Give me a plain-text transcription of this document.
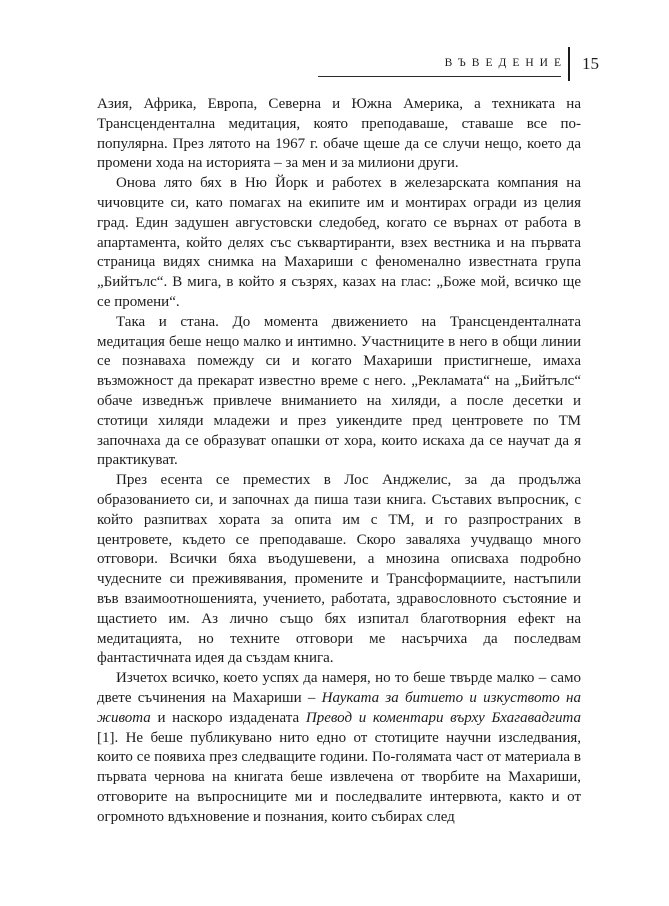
ВЪВЕДЕНИЕ 15

Азия, Африка, Европа, Северна и Южна Америка, а техниката на Трансцендентална медитация, която преподаваше, ставаше все по-популярна. През лятото на 1967 г. обаче щеше да се случи нещо, което да промени хода на историята – за мен и за милиони други.

Онова лято бях в Ню Йорк и работех в железарската компания на чичовците си, като помагах на екипите им и монтирах огради из целия град. Един задушен августовски следобед, когато се върнах от работа в апартамента, който делях със съквартиранти, взех вестника и на първата страница видях снимка на Махариши с феноменално известната група „Бийтълс“. В мига, в който я съзрях, казах на глас: „Боже мой, всичко ще се промени“.

Така и стана. До момента движението на Трансценденталната медитация беше нещо малко и интимно. Участниците в него в общи линии се познаваха помежду си и когато Махариши пристигнеше, имаха възможност да прекарат известно време с него. „Рекламата“ на „Бийтълс“ обаче изведнъж привлече вниманието на хиляди, а после десетки и стотици хиляди младежи и през уикендите пред центровете по ТМ започнаха да се образуват опашки от хора, които искаха да се научат да я практикуват.

През есента се преместих в Лос Анджелис, за да продължа образованието си, и започнах да пиша тази книга. Съставих въпросник, с който разпитвах хората за опита им с ТМ, и го разпространих в центровете, където се преподаваше. Скоро заваляха учудващо много отговори. Всички бяха въодушевени, а мнозина описваха подробно чудесните си преживявания, промените и Трансформациите, настъпили във взаимоотношенията, учението, работата, здравословното състояние и щастието им. Аз лично също бях изпитал благотворния ефект на медитацията, но техните отговори ме насърчиха да последвам фантастичната идея да създам книга.

Изчетох всичко, което успях да намеря, но то беше твърде малко – само двете съчинения на Махариши – Науката за битието и изкуството на живота и наскоро издадената Превод и коментари върху Бхагавадгита [1]. Не беше публикувано нито едно от стотиците научни изследвания, които се появиха през следващите години. По-голямата част от материала в първата чернова на книгата беше извлечена от творбите на Махариши, отговорите на въпросниците ми и последвалите интервюта, както и от огромното вдъхновение и познания, които събирах след
